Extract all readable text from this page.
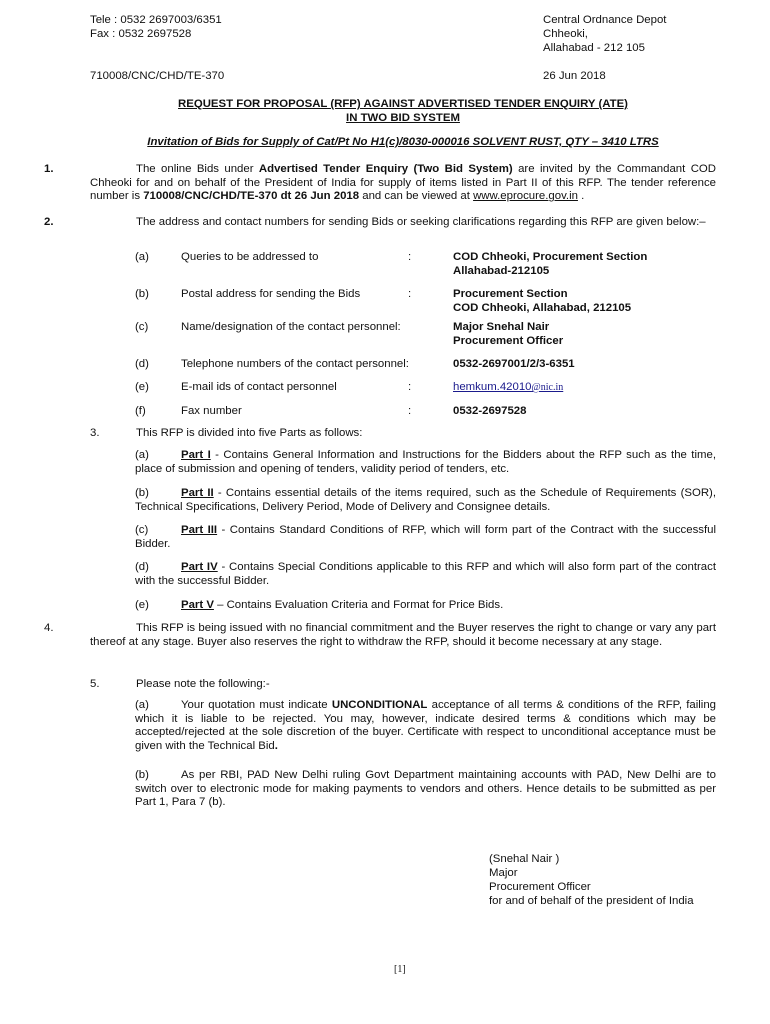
Tele : 0532 2697003/6351
Fax : 0532 2697528
Central Ordnance Depot
Chheoki,
Allahabad - 212 105
710008/CNC/CHD/TE-370	26 Jun 2018
REQUEST FOR PROPOSAL (RFP) AGAINST ADVERTISED TENDER ENQUIRY (ATE)
IN TWO BID SYSTEM
Invitation of Bids for Supply of Cat/Pt No H1(c)/8030-000016 SOLVENT RUST, QTY – 3410 LTRS
1.	The online Bids under Advertised Tender Enquiry (Two Bid System) are invited by the Commandant COD Chheoki for and on behalf of the President of India for supply of items listed in Part II of this RFP. The tender reference number is 710008/CNC/CHD/TE-370 dt 26 Jun 2018 and can be viewed at www.eprocure.gov.in .
2.	The address and contact numbers for sending Bids or seeking clarifications regarding this RFP are given below:–
(a)	Queries to be addressed to	:	COD Chheoki, Procurement Section
Allahabad-212105
(b)	Postal address for sending the Bids	:	Procurement Section
COD Chheoki, Allahabad, 212105
(c)	Name/designation of the contact personnel:	Major Snehal Nair
Procurement Officer
(d)	Telephone numbers of the contact personnel:	0532-2697001/2/3-6351
(e)	E-mail ids of contact personnel	:	hemkum.42010@nic.in
(f)	Fax number	:	0532-2697528
3.	This RFP is divided into five Parts as follows:
(a)	Part I - Contains General Information and Instructions for the Bidders about the RFP such as the time, place of submission and opening of tenders, validity period of tenders, etc.
(b)	Part II - Contains essential details of the items required, such as the Schedule of Requirements (SOR), Technical Specifications, Delivery Period, Mode of Delivery and Consignee details.
(c)	Part III - Contains Standard Conditions of RFP, which will form part of the Contract with the successful Bidder.
(d)	Part IV - Contains Special Conditions applicable to this RFP and which will also form part of the contract with the successful Bidder.
(e)	Part V – Contains Evaluation Criteria and Format for Price Bids.
4.	This RFP is being issued with no financial commitment and the Buyer reserves the right to change or vary any part thereof at any stage. Buyer also reserves the right to withdraw the RFP, should it become necessary at any stage.
5.	Please note the following:-
(a)	Your quotation must indicate UNCONDITIONAL acceptance of all terms & conditions of the RFP, failing which it is liable to be rejected. You may, however, indicate desired terms & conditions which may be accepted/rejected at the sole discretion of the buyer. Certificate with respect to unconditional acceptance must be given with the Technical Bid.
(b)	As per RBI, PAD New Delhi ruling Govt Department maintaining accounts with PAD, New Delhi are to switch over to electronic mode for making payments to vendors and others. Hence details to be submitted as per Part 1, Para 7 (b).
(Snehal Nair )
Major
Procurement Officer
for and of behalf of the president of India
[1]
